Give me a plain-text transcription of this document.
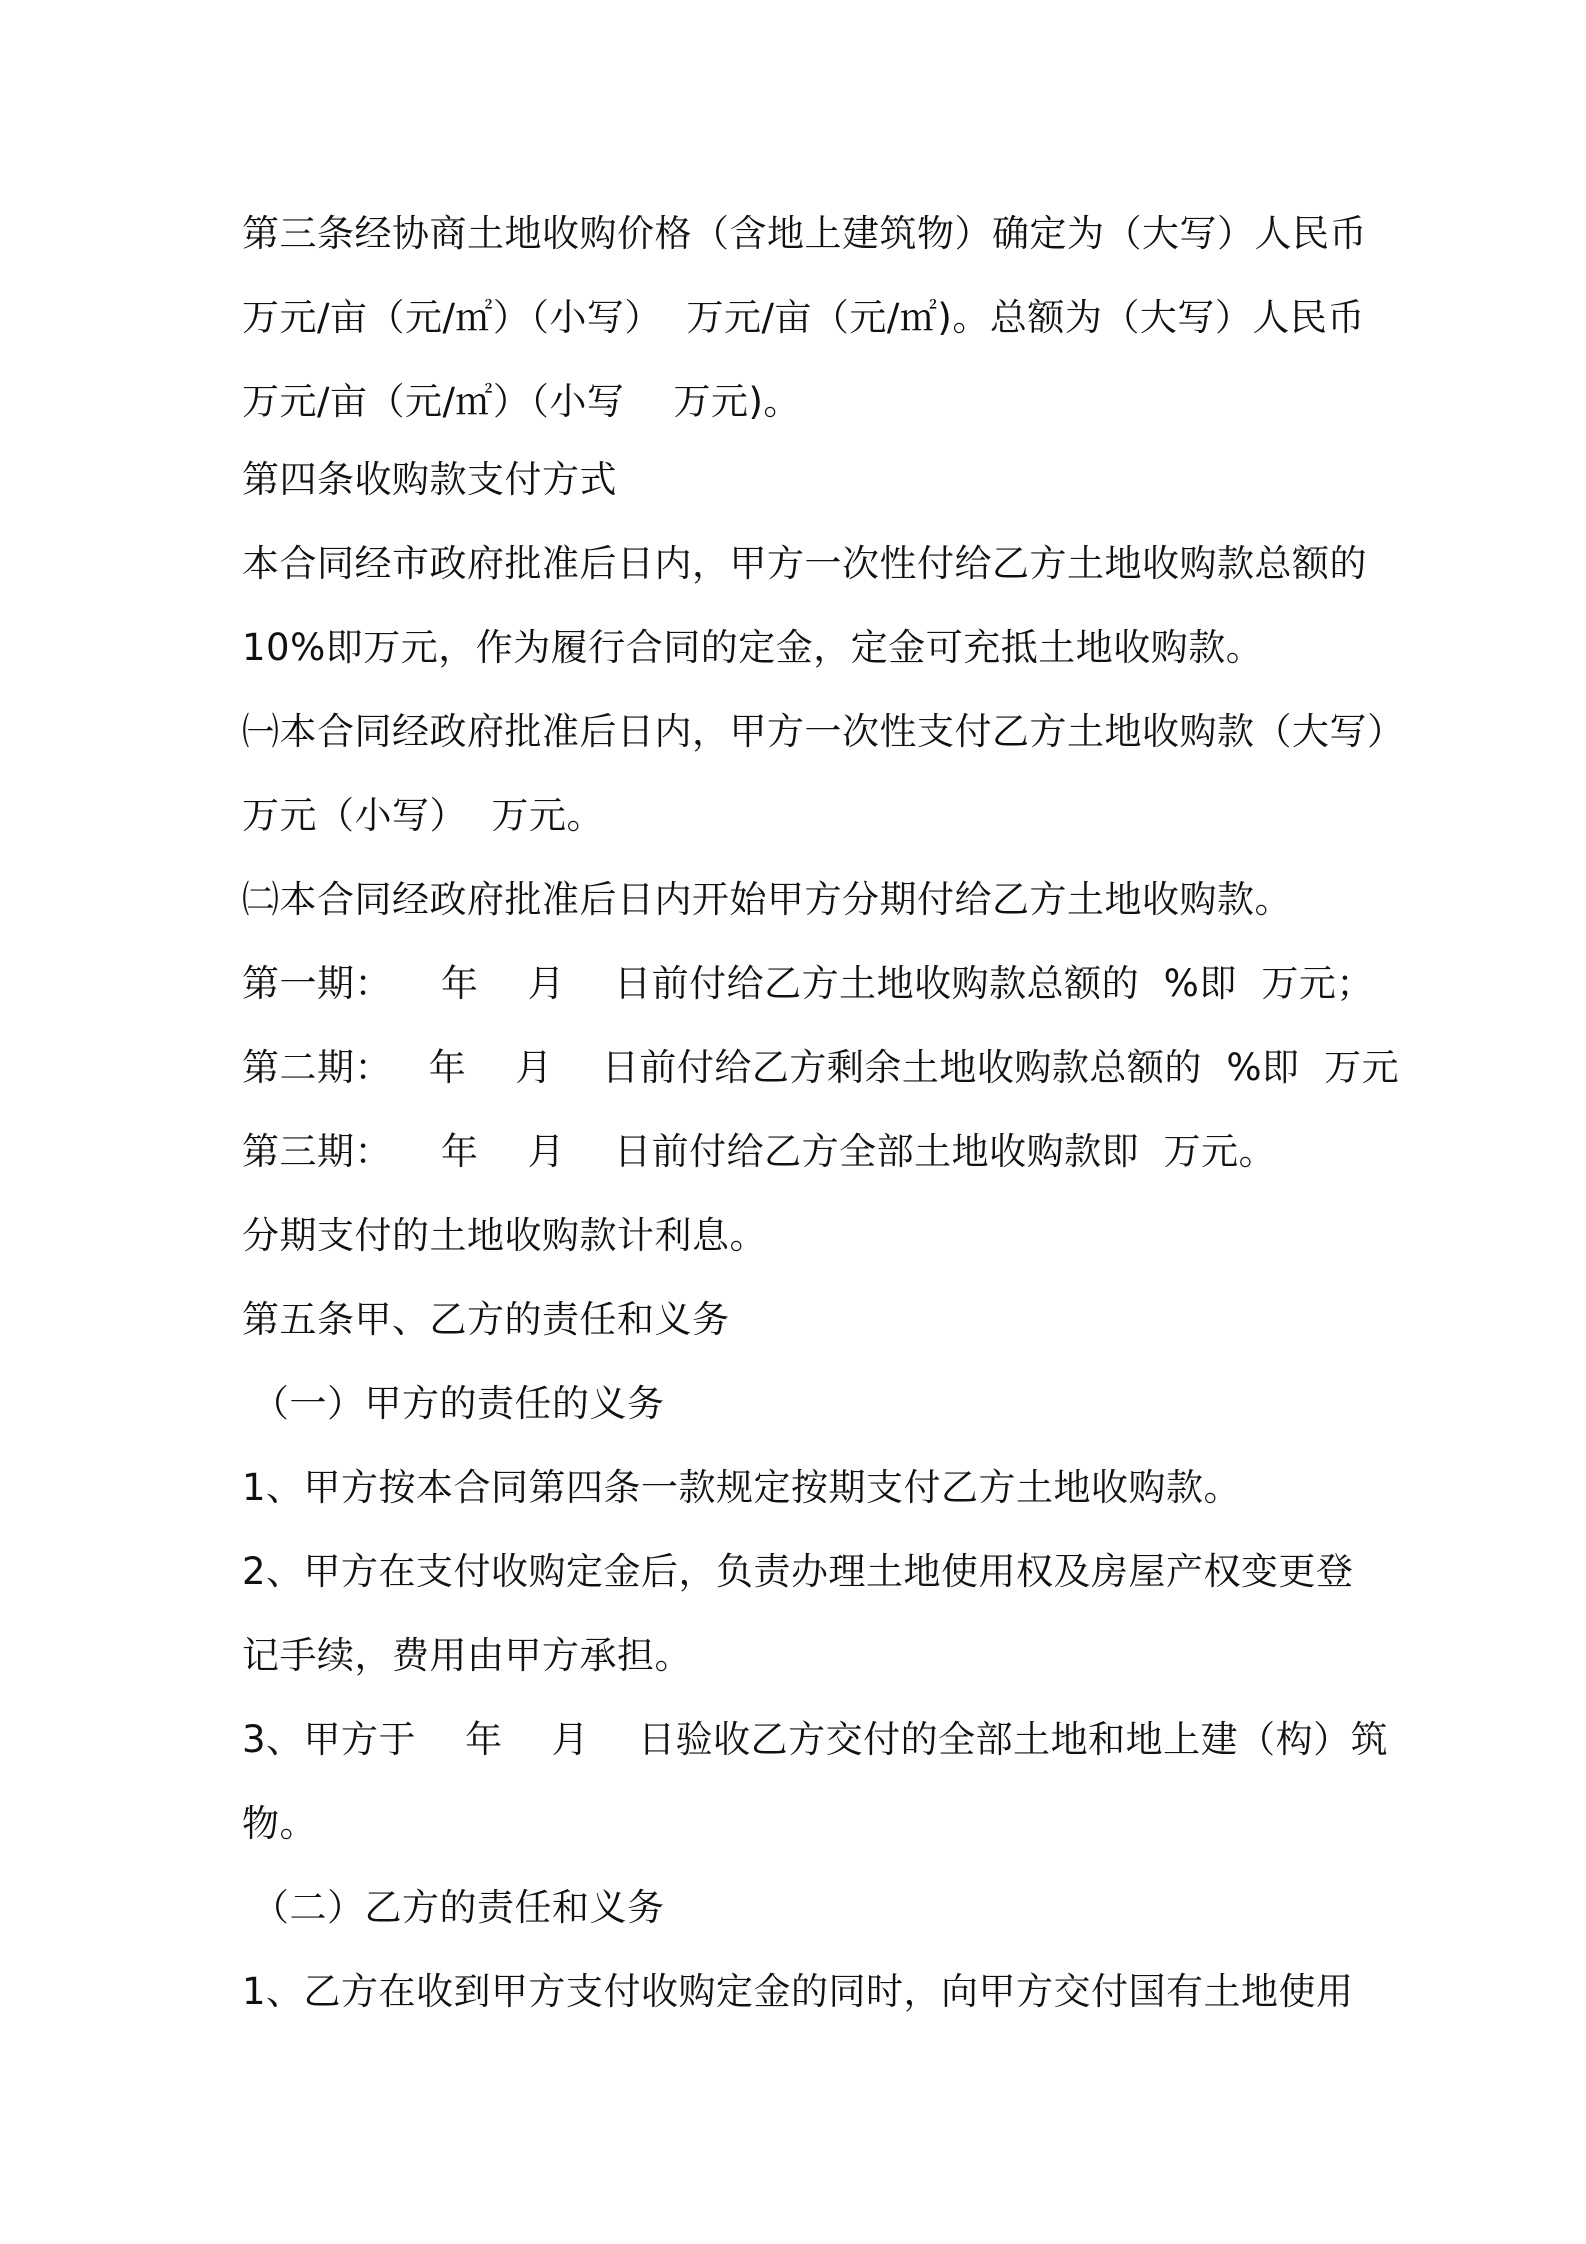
第三条经协商土地收购价格（含地上建筑物）确定为（大写）人民币
万元/亩（元/㎡）（小写）  万元/亩（元/㎡)。总额为（大写）人民币
万元/亩（元/㎡）（小写    万元)。
第四条收购款支付方式
本合同经市政府批准后日内，甲方一次性付给乙方土地收购款总额的
10%即万元，作为履行合同的定金，定金可充抵土地收购款。
㈠本合同经政府批准后日内，甲方一次性支付乙方土地收购款（大写）
万元（小写）  万元。
㈡本合同经政府批准后日内开始甲方分期付给乙方土地收购款。
第一期：    年    月    日前付给乙方土地收购款总额的  %即  万元；
第二期：   年    月    日前付给乙方剩余土地收购款总额的  %即  万元
第三期：    年    月    日前付给乙方全部土地收购款即  万元。
分期支付的土地收购款计利息。
第五条甲、乙方的责任和义务
（一）甲方的责任的义务
1、甲方按本合同第四条一款规定按期支付乙方土地收购款。
2、甲方在支付收购定金后，负责办理土地使用权及房屋产权变更登
记手续，费用由甲方承担。
3、甲方于    年    月    日验收乙方交付的全部土地和地上建（构）筑
物。
（二）乙方的责任和义务
1、乙方在收到甲方支付收购定金的同时，向甲方交付国有土地使用
